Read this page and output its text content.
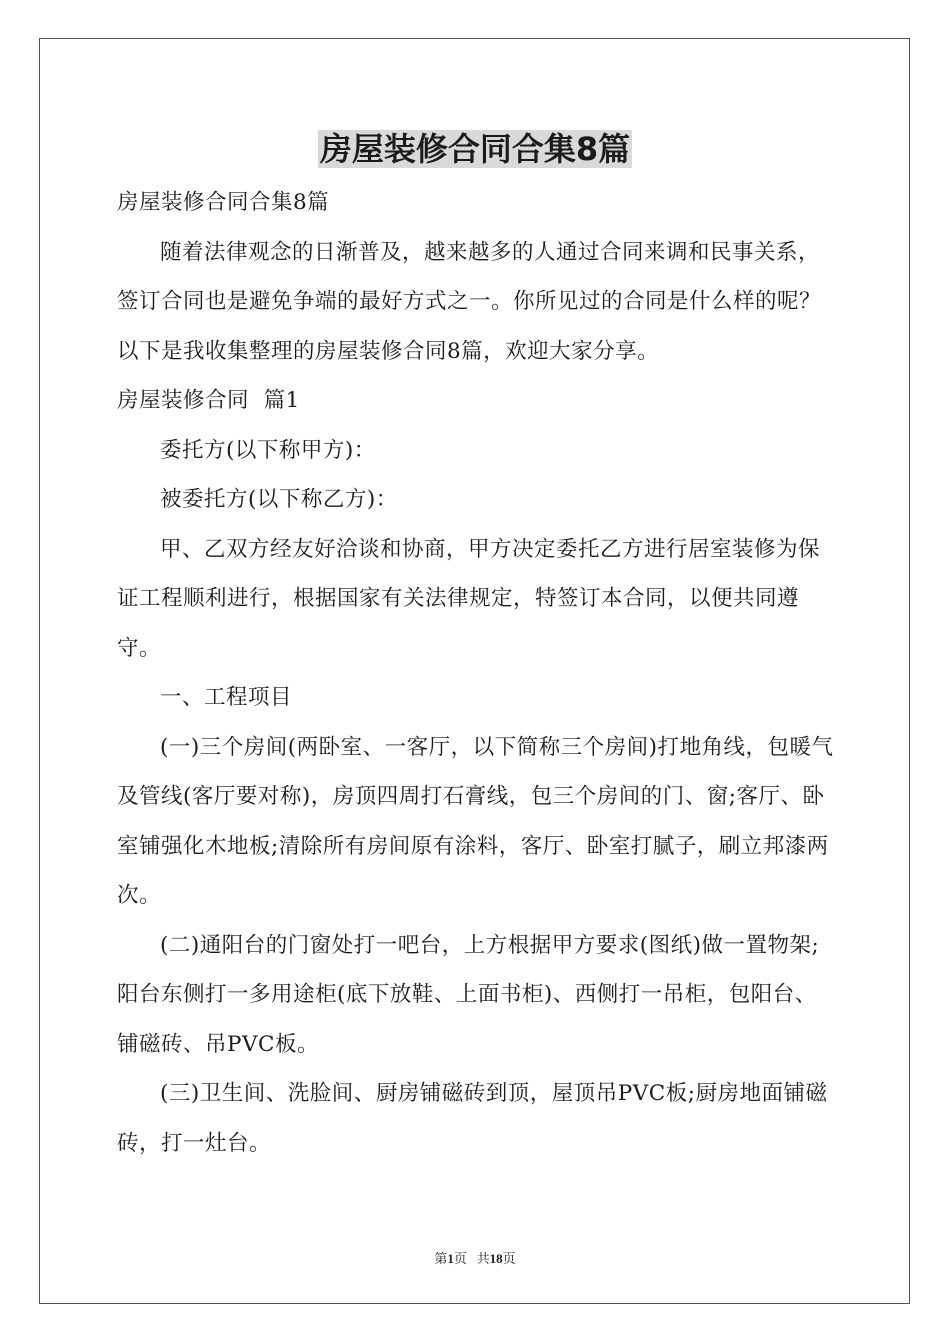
房屋装修合同合集8篇

房屋装修合同合集8篇

随着法律观念的日渐普及，越来越多的人通过合同来调和民事关系，签订合同也是避免争端的最好方式之一。你所见过的合同是什么样的呢？以下是我收集整理的房屋装修合同8篇，欢迎大家分享。

房屋装修合同  篇1

委托方(以下称甲方)：

被委托方(以下称乙方)：

甲、乙双方经友好洽谈和协商，甲方决定委托乙方进行居室装修为保证工程顺利进行，根据国家有关法律规定，特签订本合同，以便共同遵守。

一、工程项目

(一)三个房间(两卧室、一客厅，以下简称三个房间)打地角线，包暖气及管线(客厅要对称)，房顶四周打石膏线，包三个房间的门、窗;客厅、卧室铺强化木地板;清除所有房间原有涂料，客厅、卧室打腻子，刷立邦漆两次。

(二)通阳台的门窗处打一吧台，上方根据甲方要求(图纸)做一置物架;阳台东侧打一多用途柜(底下放鞋、上面书柜)、西侧打一吊柜，包阳台、铺磁砖、吊PVC板。

(三)卫生间、洗脸间、厨房铺磁砖到顶，屋顶吊PVC板;厨房地面铺磁砖，打一灶台。

第1页 共18页
